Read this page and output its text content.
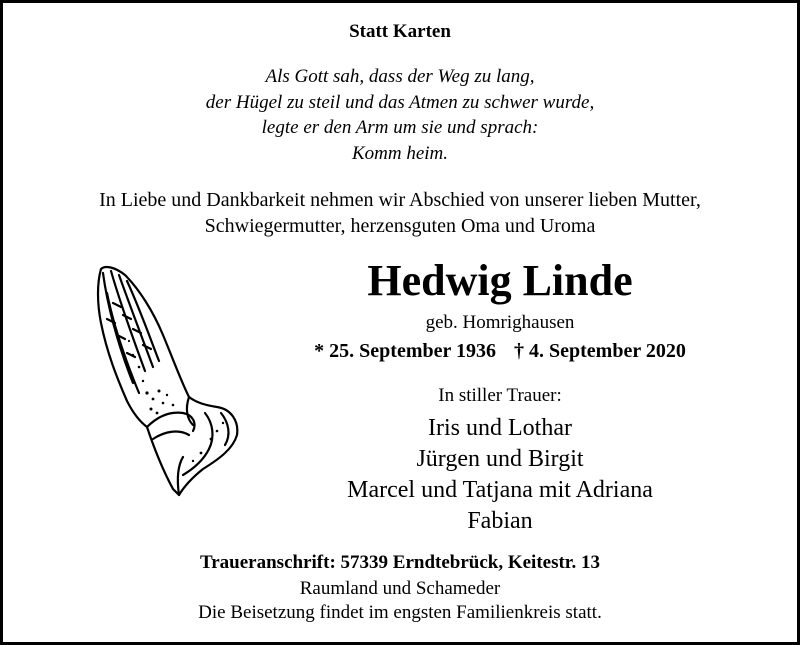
Statt Karten
Als Gott sah, dass der Weg zu lang,
der Hügel zu steil und das Atmen zu schwer wurde,
legte er den Arm um sie und sprach:
Komm heim.
In Liebe und Dankbarkeit nehmen wir Abschied von unserer lieben Mutter,
Schwiegermutter, herzensguten Oma und Uroma
Hedwig Linde
geb. Homrighausen
* 25. September 1936 † 4. September 2020
In stiller Trauer:
Iris und Lothar
Jürgen und Birgit
Marcel und Tatjana mit Adriana
Fabian
Traueranschrift: 57339 Erndtebrück, Keitestr. 13
Raumland und Schameder
Die Beisetzung findet im engsten Familienkreis statt.
